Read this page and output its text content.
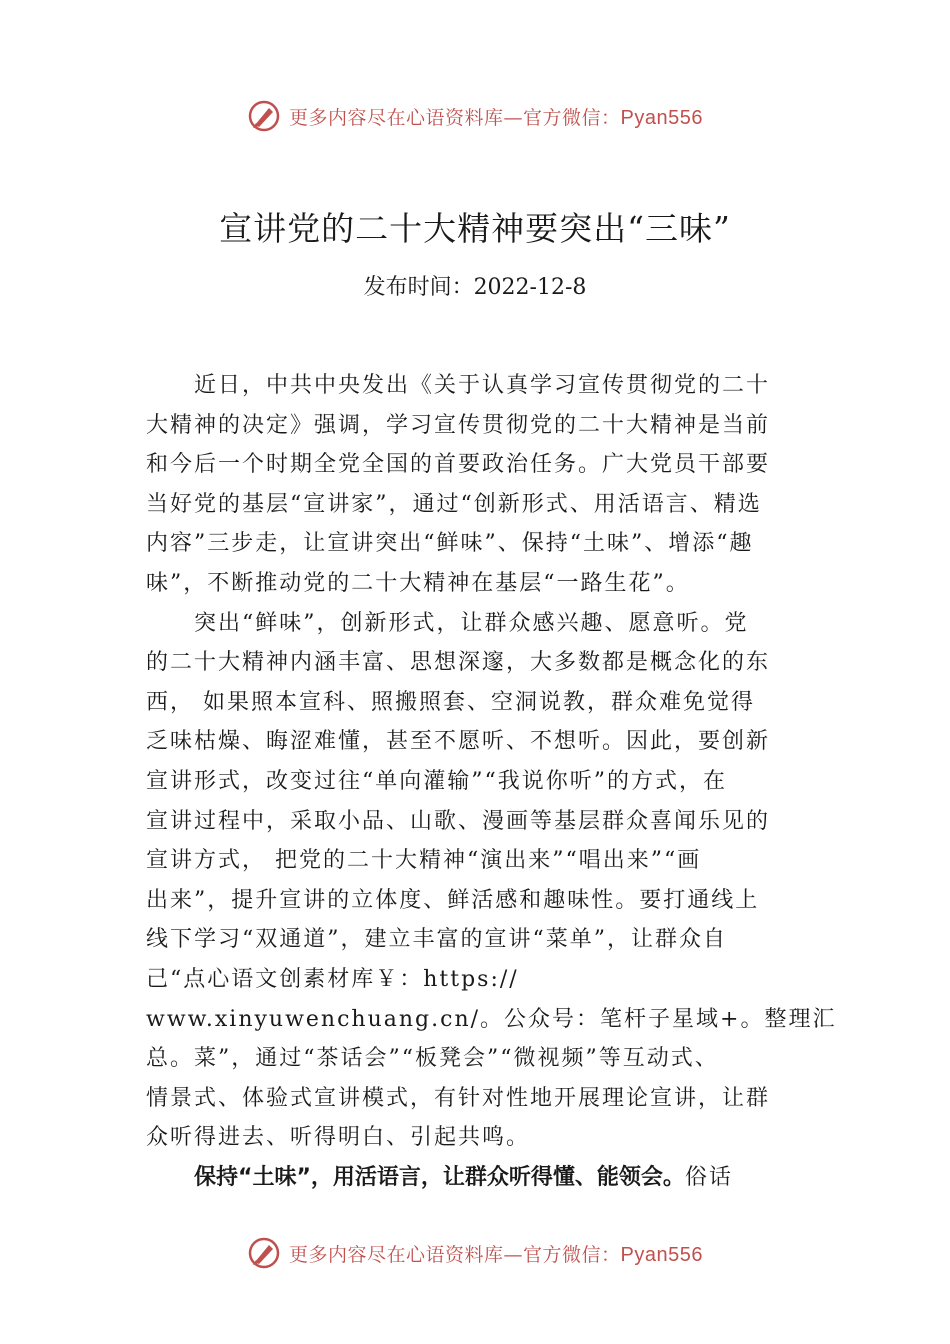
更多内容尽在心语资料库—官方微信：Pyan556
宣讲党的二十大精神要突出“三味”
发布时间：2022-12-8
近日，中共中央发出《关于认真学习宣传贯彻党的二十
大精神的决定》强调，学习宣传贯彻党的二十大精神是当前
和今后一个时期全党全国的首要政治任务。广大党员干部要
当好党的基层“宣讲家”，通过“创新形式、用活语言、精选
内容”三步走，让宣讲突出“鲜味”、保持“土味”、增添“趣
味”，不断推动党的二十大精神在基层“一路生花”。
突出“鲜味”，创新形式，让群众感兴趣、愿意听。党
的二十大精神内涵丰富、思想深邃，大多数都是概念化的东
西， 如果照本宣科、照搬照套、空洞说教，群众难免觉得
乏味枯燥、晦涩难懂，甚至不愿听、不想听。因此，要创新
宣讲形式，改变过往“单向灌输”“我说你听”的方式，在
宣讲过程中，采取小品、山歌、漫画等基层群众喜闻乐见的
宣讲方式， 把党的二十大精神“演出来”“唱出来”“画
出来”，提升宣讲的立体度、鲜活感和趣味性。要打通线上
线下学习“双通道”，建立丰富的宣讲“菜单”，让群众自
己“点心语文创素材库￥：https://
www.xinyuwenchuang.cn/。公众号：笔杆子星域+。整理汇
总。菜”，通过“茶话会”“板凳会”“微视频”等互动式、
情景式、体验式宣讲模式，有针对性地开展理论宣讲，让群
众听得进去、听得明白、引起共鸣。
保持“土味”，用活语言，让群众听得懂、能领会。俗话
更多内容尽在心语资料库—官方微信：Pyan556
